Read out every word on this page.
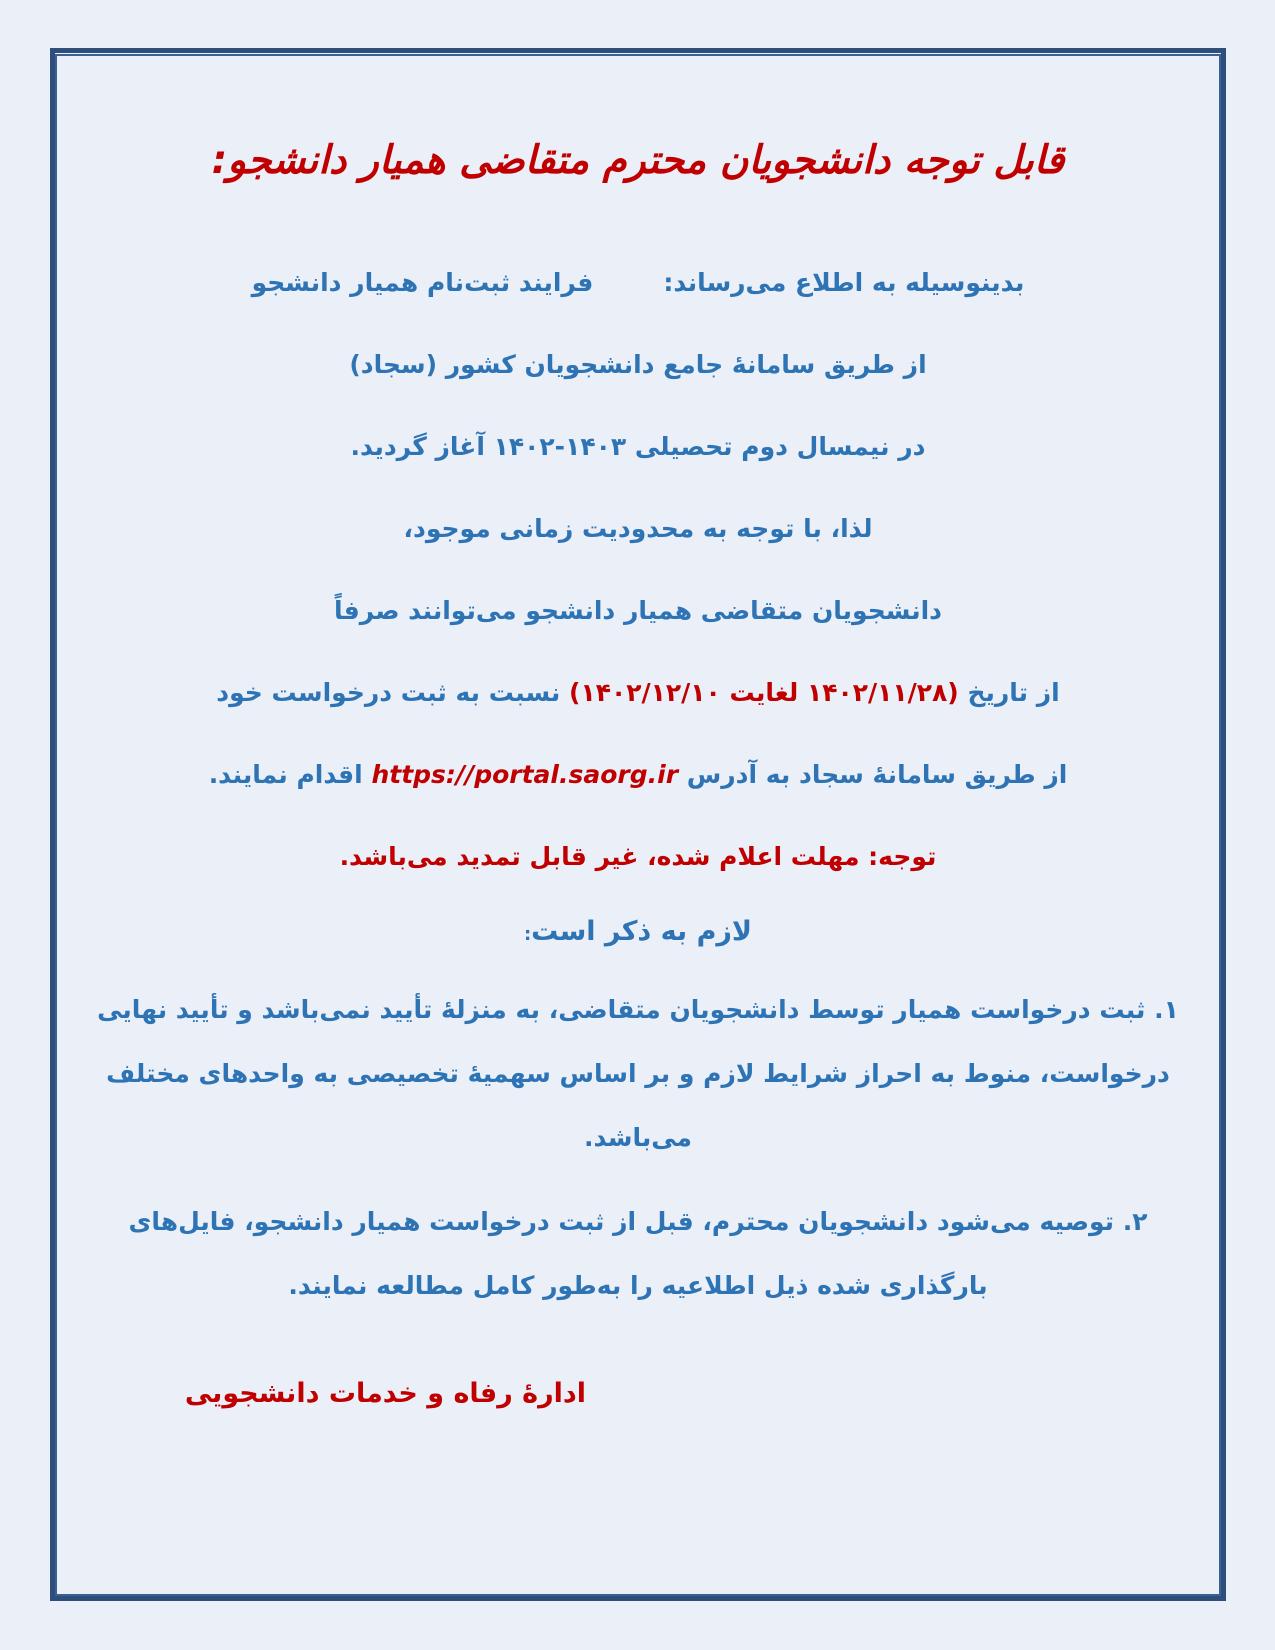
قابل توجه دانشجویان محترم متقاضی همیار دانشجو:
بدینوسیله به اطلاع می‌رساند:فرایند ثبت‌نام همیار دانشجو
از طریق سامانهٔ جامع دانشجویان کشور (سجاد)
در نیمسال دوم تحصیلی ۱۴۰۳-۱۴۰۲ آغاز گردید.
لذا، با توجه به محدودیت زمانی موجود،
دانشجویان متقاضی همیار دانشجو می‌توانند صرفاً
از تاریخ (۱۴۰۲/۱۱/۲۸ لغایت ۱۴۰۲/۱۲/۱۰) نسبت به ثبت درخواست خود
از طریق سامانهٔ سجاد به آدرس https://portal.saorg.ir اقدام نمایند.
توجه: مهلت اعلام شده، غیر قابل تمدید می‌باشد.
لازم به ذکر است:
۱. ثبت درخواست همیار توسط دانشجویان متقاضی، به منزلهٔ تأیید نمی‌باشد و تأیید نهایی درخواست، منوط به احراز شرایط لازم و بر اساس سهمیهٔ تخصیصی به واحدهای مختلف می‌باشد.
۲. توصیه می‌شود دانشجویان محترم، قبل از ثبت درخواست همیار دانشجو، فایل‌های بارگذاری شده ذیل اطلاعیه را به‌طور کامل مطالعه نمایند.
ادارهٔ رفاه و خدمات دانشجویی
